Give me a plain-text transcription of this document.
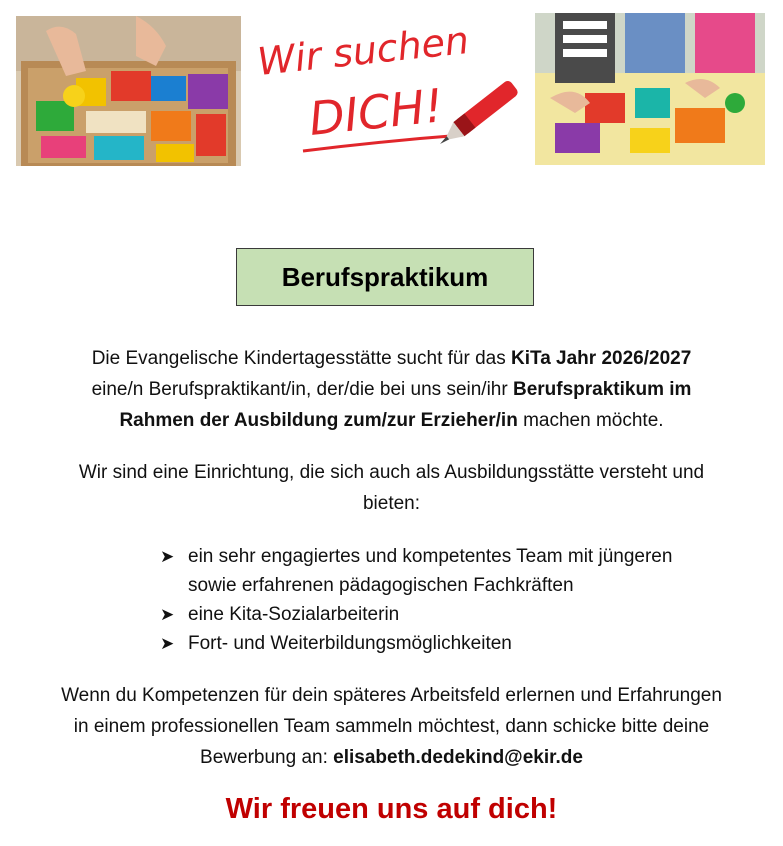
Wir suchen
DICH!
Berufspraktikum
Die Evangelische Kindertagesstätte sucht für das KiTa Jahr 2026/2027
eine/n Berufspraktikant/in, der/die bei uns sein/ihr Berufspraktikum im
Rahmen der Ausbildung zum/zur Erzieher/in machen möchte.
Wir sind eine Einrichtung, die sich auch als Ausbildungsstätte versteht und
bieten:
➤ ein sehr engagiertes und kompetentes Team mit jüngeren
sowie erfahrenen pädagogischen Fachkräften
➤ eine Kita-Sozialarbeiterin
➤ Fort- und Weiterbildungsmöglichkeiten
Wenn du Kompetenzen für dein späteres Arbeitsfeld erlernen und Erfahrungen
in einem professionellen Team sammeln möchtest, dann schicke bitte deine
Bewerbung an: elisabeth.dedekind@ekir.de
Wir freuen uns auf dich!
